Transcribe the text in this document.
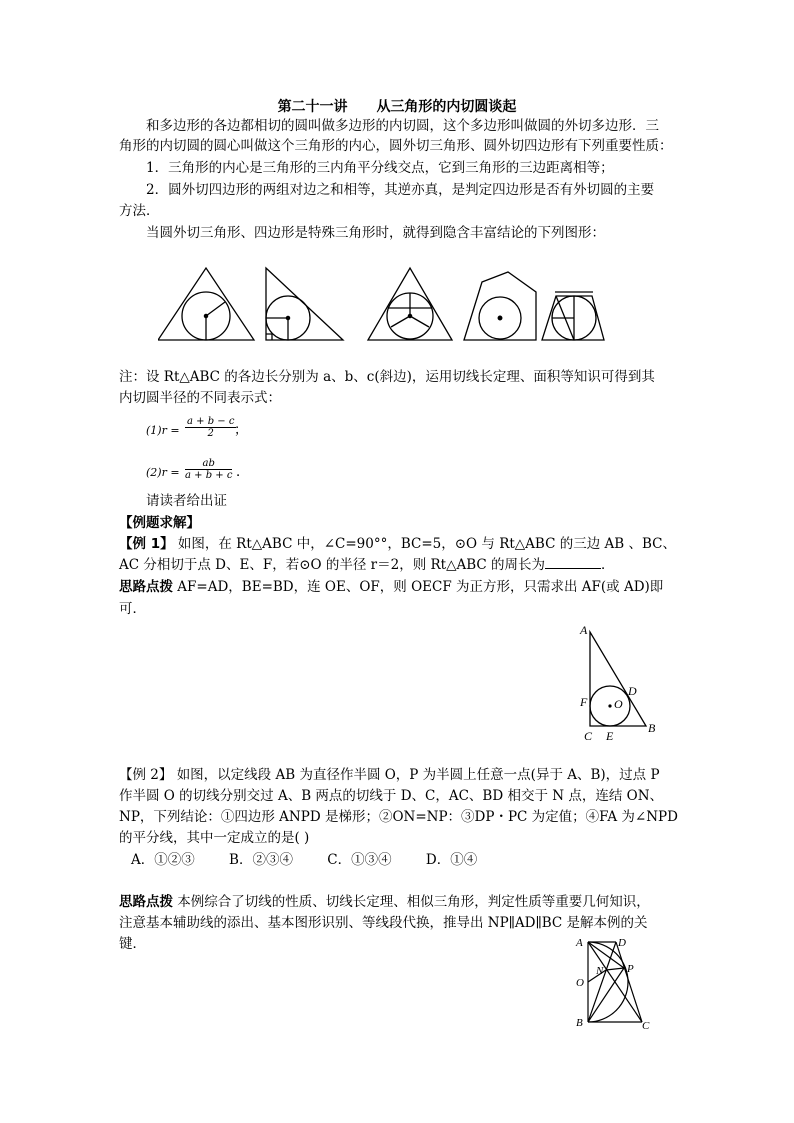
第二十一讲 从三角形的内切圆谈起
和多边形的各边都相切的圆叫做多边形的内切圆，这个多边形叫做圆的外切多边形．三
角形的内切圆的圆心叫做这个三角形的内心，圆外切三角形、圆外切四边形有下列重要性质：
1．三角形的内心是三角形的三内角平分线交点，它到三角形的三边距离相等；
2．圆外切四边形的两组对边之和相等，其逆亦真，是判定四边形是否有外切圆的主要
方法．
当圆外切三角形、四边形是特殊三角形时，就得到隐含丰富结论的下列图形：
注：设 Rt△ABC 的各边长分别为 a、b、c(斜边)，运用切线长定理、面积等知识可得到其
内切圆半径的不同表示式：
$(1)r = \frac{a + b - c}{2}$
；
$(2)r = \frac{ab}{a + b + c}$ ．
请读者给出证
【例题求解】
【例 1】 如图，在 Rt△ABC 中，∠C=90°°，BC=5，⊙O 与 Rt△ABC 的三边 AB 、BC、
AC 分相切于点 D、E、F，若⊙O 的半径 r＝2，则 Rt△ABC 的周长为	．
思路点拨 AF=AD，BE=BD，连 OE、OF，则 OECF 为正方形，只需求出 AF(或 AD)即
可．
A
F
D
O
C E
B
【例 2】 如图，以定线段 AB 为直径作半圆 O，P 为半圆上任意一点(异于 A、B)，过点 P
作半圆 O 的切线分别交过 A、B 两点的切线于 D、C，AC、BD 相交于 N 点，连结 ON、
NP，下列结论：①四边形 ANPD 是梯形；②ON=NP：③DP・PC 为定值；④FA 为∠NPD
的平分线，其中一定成立的是( )
A．①②③	B．②③④	C．①③④	D．①④
思路点拨 本例综合了切线的性质、切线长定理、相似三角形，判定性质等重要几何知识，
注意基本辅助线的添出、基本图形识别、等线段代换，推导出 NP∥AD∥BC 是解本例的关
键．	A	D
N P
O
B	C
